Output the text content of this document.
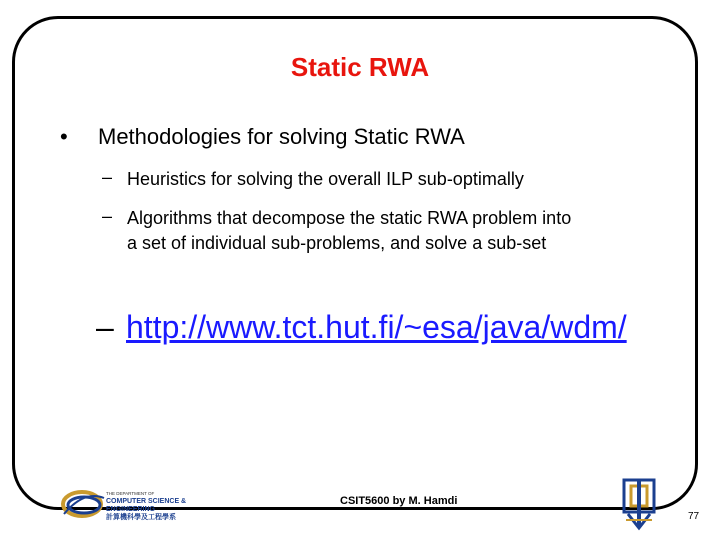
Static RWA
• Methodologies for solving Static RWA
– Heuristics for solving the overall ILP sub-optimally
– Algorithms that decompose the static RWA problem into
a set of individual sub-problems, and solve a sub-set
– http://www.tct.hut.fi/~esa/java/wdm/
THE DEPARTMENT OF
COMPUTER SCIENCE &
ENGINEERING
計算機科學及工程學系
CSIT5600 by M. Hamdi
77
